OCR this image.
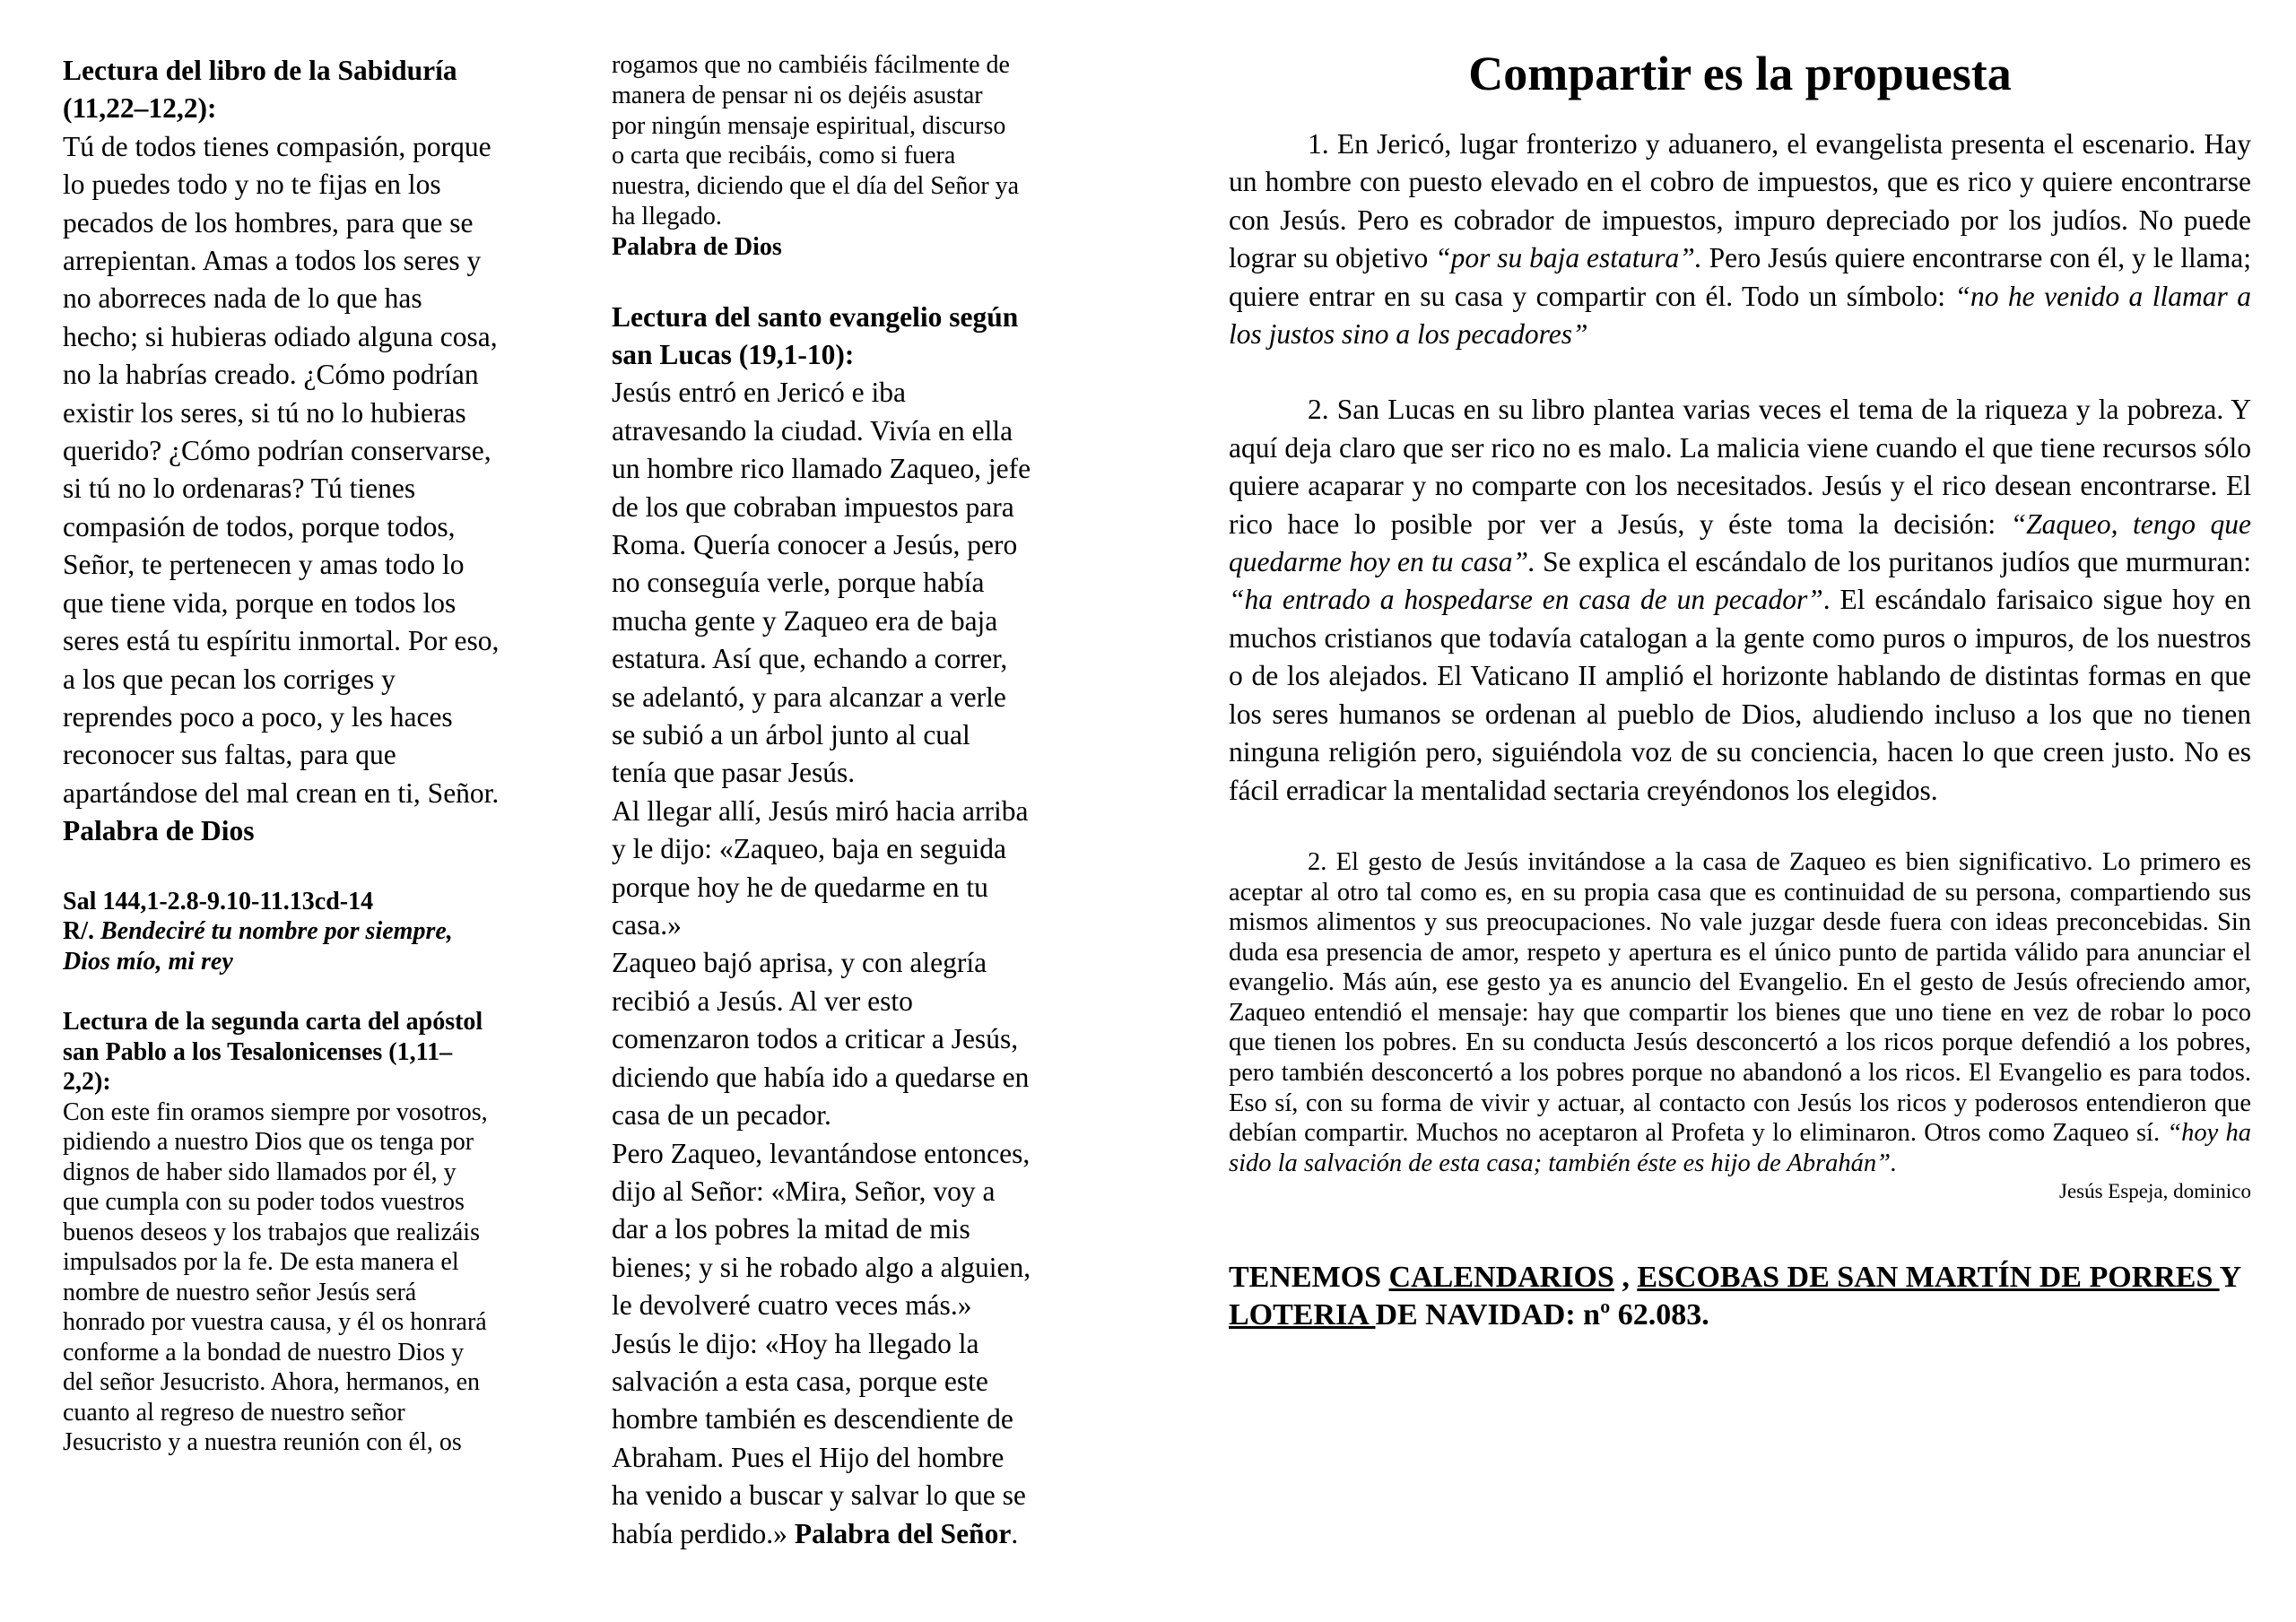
Lectura del libro de la Sabiduría
(11,22–12,2):
Tú de todos tienes compasión, porque
lo puedes todo y no te fijas en los
pecados de los hombres, para que se
arrepientan. Amas a todos los seres y
no aborreces nada de lo que has
hecho; si hubieras odiado alguna cosa,
no la habrías creado. ¿Cómo podrían
existir los seres, si tú no lo hubieras
querido? ¿Cómo podrían conservarse,
si tú no lo ordenaras? Tú tienes
compasión de todos, porque todos,
Señor, te pertenecen y amas todo lo
que tiene vida, porque en todos los
seres está tu espíritu inmortal. Por eso,
a los que pecan los corriges y
reprendes poco a poco, y les haces
reconocer sus faltas, para que
apartándose del mal crean en ti, Señor.
Palabra de Dios
Sal 144,1-2.8-9.10-11.13cd-14
R/. Bendeciré tu nombre por siempre,
Dios mío, mi rey
Lectura de la segunda carta del apóstol
san Pablo a los Tesalonicenses (1,11–
2,2):
Con este fin oramos siempre por vosotros,
pidiendo a nuestro Dios que os tenga por
dignos de haber sido llamados por él, y
que cumpla con su poder todos vuestros
buenos deseos y los trabajos que realizáis
impulsados por la fe. De esta manera el
nombre de nuestro señor Jesús será
honrado por vuestra causa, y él os honrará
conforme a la bondad de nuestro Dios y
del señor Jesucristo. Ahora, hermanos, en
cuanto al regreso de nuestro señor
Jesucristo y a nuestra reunión con él, os
rogamos que no cambiéis fácilmente de
manera de pensar ni os dejéis asustar
por ningún mensaje espiritual, discurso
o carta que recibáis, como si fuera
nuestra, diciendo que el día del Señor ya
ha llegado.
Palabra de Dios
Lectura del santo evangelio según
san Lucas (19,1-10):
Jesús entró en Jericó e iba
atravesando la ciudad. Vivía en ella
un hombre rico llamado Zaqueo, jefe
de los que cobraban impuestos para
Roma. Quería conocer a Jesús, pero
no conseguía verle, porque había
mucha gente y Zaqueo era de baja
estatura. Así que, echando a correr,
se adelantó, y para alcanzar a verle
se subió a un árbol junto al cual
tenía que pasar Jesús.
Al llegar allí, Jesús miró hacia arriba
y le dijo: «Zaqueo, baja en seguida
porque hoy he de quedarme en tu
casa.»
Zaqueo bajó aprisa, y con alegría
recibió a Jesús. Al ver esto
comenzaron todos a criticar a Jesús,
diciendo que había ido a quedarse en
casa de un pecador.
Pero Zaqueo, levantándose entonces,
dijo al Señor: «Mira, Señor, voy a
dar a los pobres la mitad de mis
bienes; y si he robado algo a alguien,
le devolveré cuatro veces más.»
Jesús le dijo: «Hoy ha llegado la
salvación a esta casa, porque este
hombre también es descendiente de
Abraham. Pues el Hijo del hombre
ha venido a buscar y salvar lo que se
había perdido.» Palabra del Señor.
Compartir es la propuesta

1. En Jericó, lugar fronterizo y aduanero, el evangelista presenta el escenario. Hay un hombre con puesto elevado en el cobro de impuestos, que es rico y quiere encontrarse con Jesús. Pero es cobrador de impuestos, impuro depreciado por los judíos. No puede lograr su objetivo “por su baja estatura”. Pero Jesús quiere encontrarse con él, y le llama; quiere entrar en su casa y compartir con él. Todo un símbolo: “no he venido a llamar a los justos sino a los pecadores”

2. San Lucas en su libro plantea varias veces el tema de la riqueza y la pobreza. Y aquí deja claro que ser rico no es malo. La malicia viene cuando el que tiene recursos sólo quiere acaparar y no comparte con los necesitados. Jesús y el rico desean encontrarse. El rico hace lo posible por ver a Jesús, y éste toma la decisión: “Zaqueo, tengo que quedarme hoy en tu casa”. Se explica el escándalo de los puritanos judíos que murmuran: “ha entrado a hospedarse en casa de un pecador”. El escándalo farisaico sigue hoy en muchos cristianos que todavía catalogan a la gente como puros o impuros, de los nuestros o de los alejados. El Vaticano II amplió el horizonte hablando de distintas formas en que los seres humanos se ordenan al pueblo de Dios, aludiendo incluso a los que no tienen ninguna religión pero, siguiéndola voz de su conciencia, hacen lo que creen justo. No es fácil erradicar la mentalidad sectaria creyéndonos los elegidos.

2. El gesto de Jesús invitándose a la casa de Zaqueo es bien significativo. Lo primero es aceptar al otro tal como es, en su propia casa que es continuidad de su persona, compartiendo sus mismos alimentos y sus preocupaciones. No vale juzgar desde fuera con ideas preconcebidas. Sin duda esa presencia de amor, respeto y apertura es el único punto de partida válido para anunciar el evangelio. Más aún, ese gesto ya es anuncio del Evangelio. En el gesto de Jesús ofreciendo amor, Zaqueo entendió el mensaje: hay que compartir los bienes que uno tiene en vez de robar lo poco que tienen los pobres. En su conducta Jesús desconcertó a los ricos porque defendió a los pobres, pero también desconcertó a los pobres porque no abandonó a los ricos. El Evangelio es para todos. Eso sí, con su forma de vivir y actuar, al contacto con Jesús los ricos y poderosos entendieron que debían compartir. Muchos no aceptaron al Profeta y lo eliminaron. Otros como Zaqueo sí. “hoy ha sido la salvación de esta casa; también éste es hijo de Abrahán”.

Jesús Espeja, dominico

TENEMOS CALENDARIOS , ESCOBAS DE SAN MARTÍN DE PORRES Y LOTERIA DE NAVIDAD: nº 62.083.
